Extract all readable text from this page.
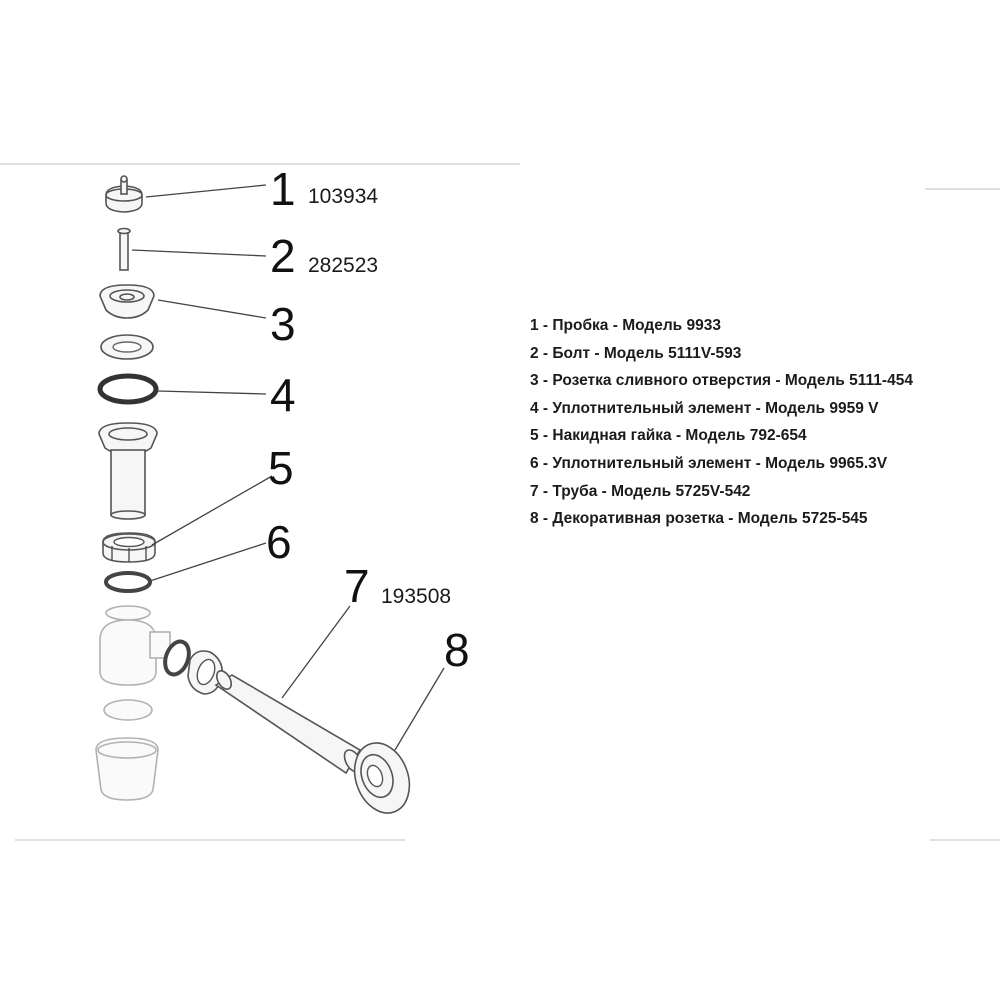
1 103934
2 282523
3
4
5
6
7 193508
8
1 - Пробка - Модель 9933
2 - Болт - Модель 5111V-593
3 - Розетка сливного отверстия - Модель 5111-454
4 - Уплотнительный элемент - Модель 9959 V
5 - Накидная гайка - Модель 792-654
6 - Уплотнительный элемент - Модель 9965.3V
7 - Труба - Модель 5725V-542
8 - Декоративная розетка - Модель 5725-545
